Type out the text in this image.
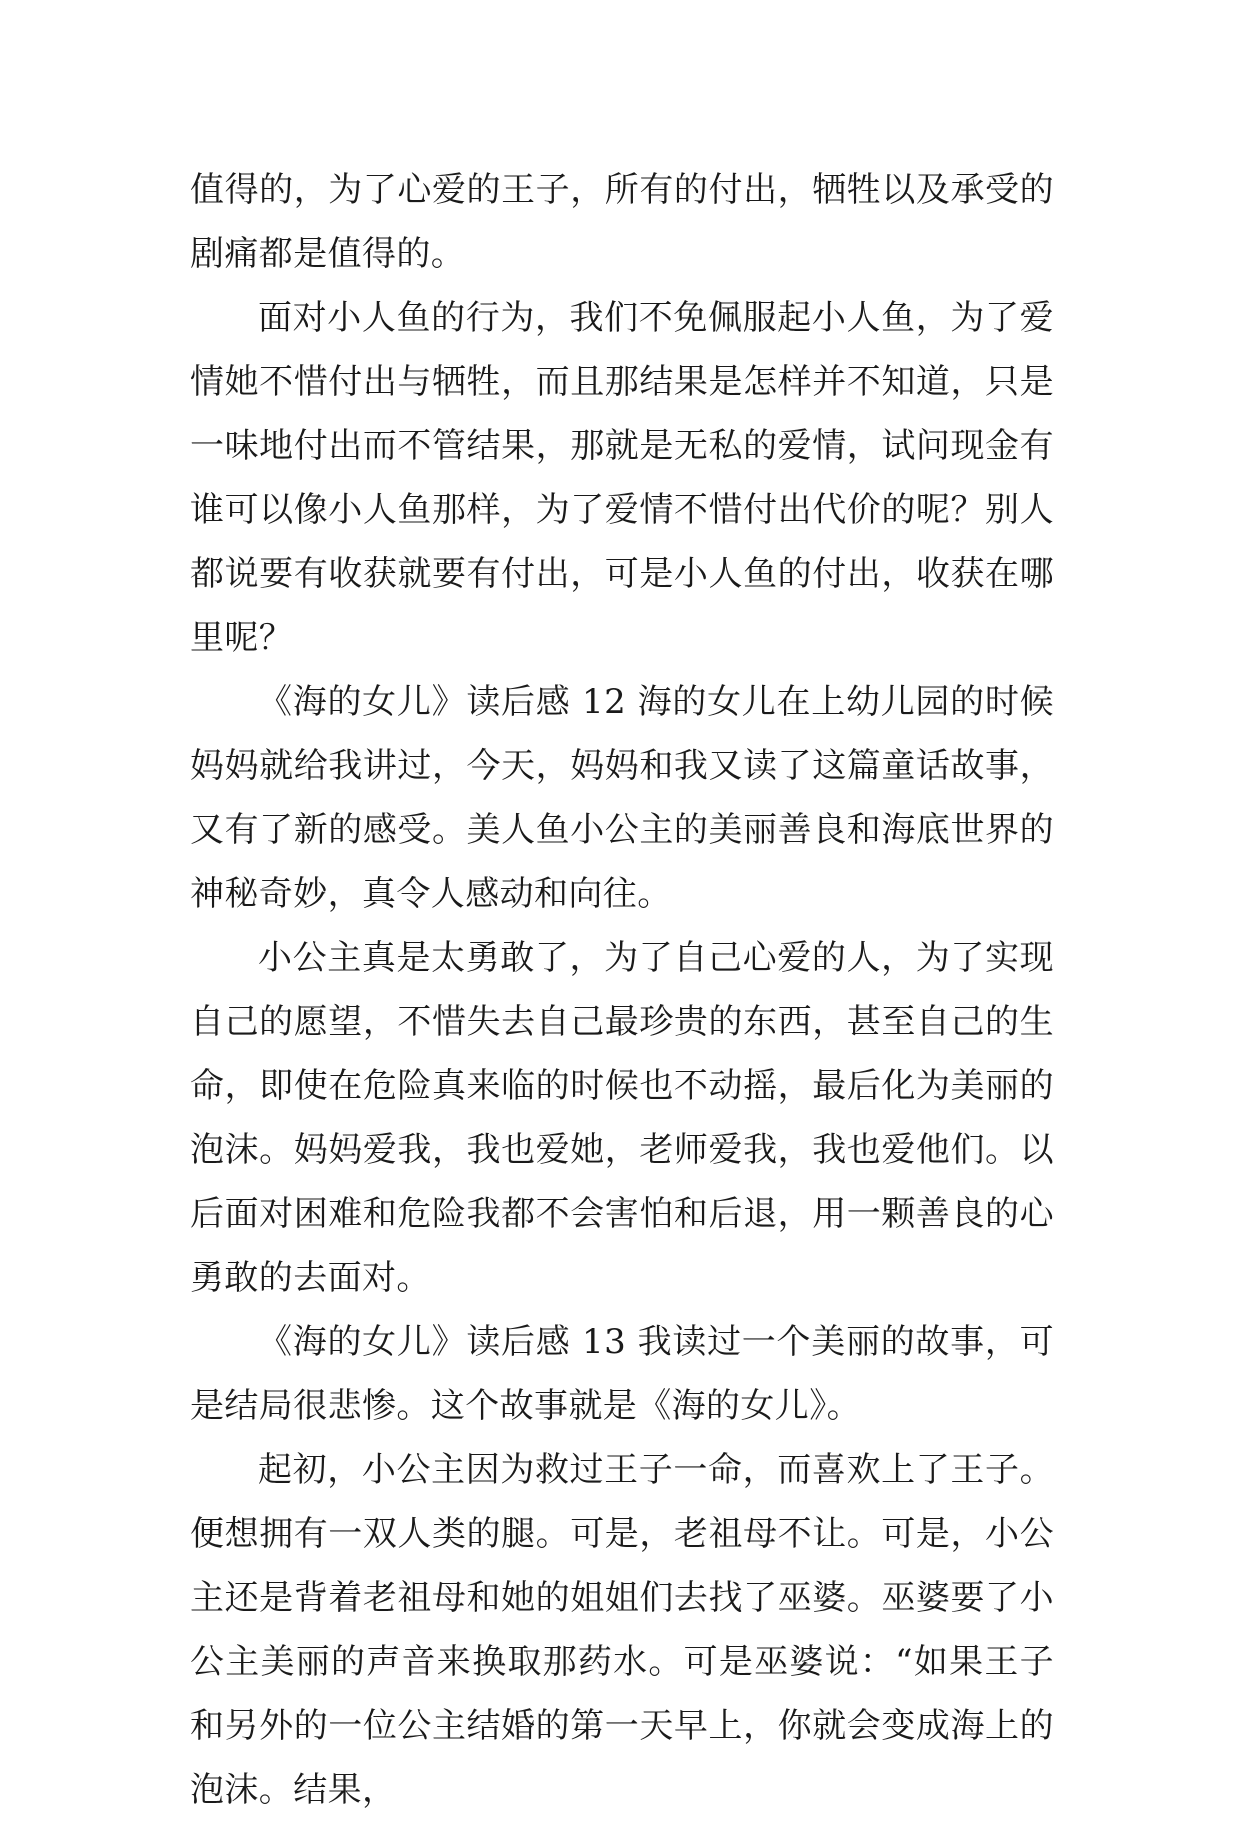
值得的，为了心爱的王子，所有的付出，牺牲以及承受的剧痛都是值得的。

面对小人鱼的行为，我们不免佩服起小人鱼，为了爱情她不惜付出与牺牲，而且那结果是怎样并不知道，只是一味地付出而不管结果，那就是无私的爱情，试问现金有谁可以像小人鱼那样，为了爱情不惜付出代价的呢？别人都说要有收获就要有付出，可是小人鱼的付出，收获在哪里呢？

《海的女儿》读后感 12 海的女儿在上幼儿园的时候妈妈就给我讲过，今天，妈妈和我又读了这篇童话故事，又有了新的感受。美人鱼小公主的美丽善良和海底世界的神秘奇妙，真令人感动和向往。

小公主真是太勇敢了，为了自己心爱的人，为了实现自己的愿望，不惜失去自己最珍贵的东西，甚至自己的生命，即使在危险真来临的时候也不动摇，最后化为美丽的泡沫。妈妈爱我，我也爱她，老师爱我，我也爱他们。以后面对困难和危险我都不会害怕和后退，用一颗善良的心勇敢的去面对。

《海的女儿》读后感 13 我读过一个美丽的故事，可是结局很悲惨。这个故事就是《海的女儿》。

起初，小公主因为救过王子一命，而喜欢上了王子。便想拥有一双人类的腿。可是，老祖母不让。可是，小公主还是背着老祖母和她的姐姐们去找了巫婆。巫婆要了小公主美丽的声音来换取那药水。可是巫婆说：“如果王子和另外的一位公主结婚的第一天早上，你就会变成海上的泡沫。结果，
